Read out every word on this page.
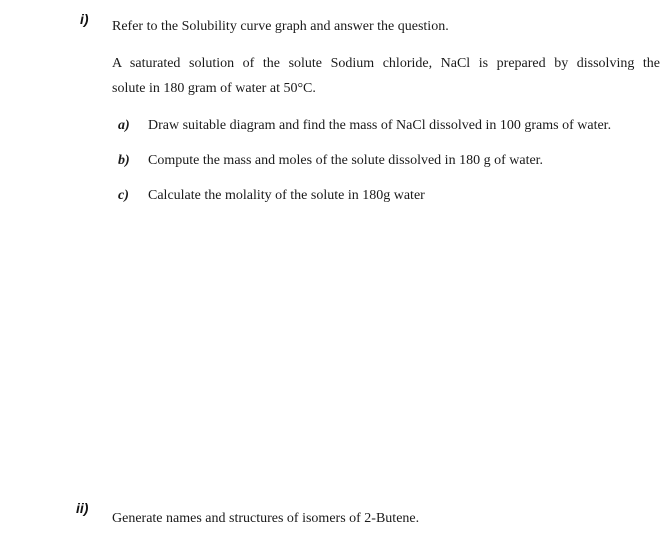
i) Refer to the Solubility curve graph and answer the question.
A saturated solution of the solute Sodium chloride, NaCl is prepared by dissolving the
solute in 180 gram of water at 50°C.
a) Draw suitable diagram and find the mass of NaCl dissolved in 100 grams of water.
b) Compute the mass and moles of the solute dissolved in 180 g of water.
c) Calculate the molality of the solute in 180g water
ii)
Generate names and structures of isomers of 2-Butene.
